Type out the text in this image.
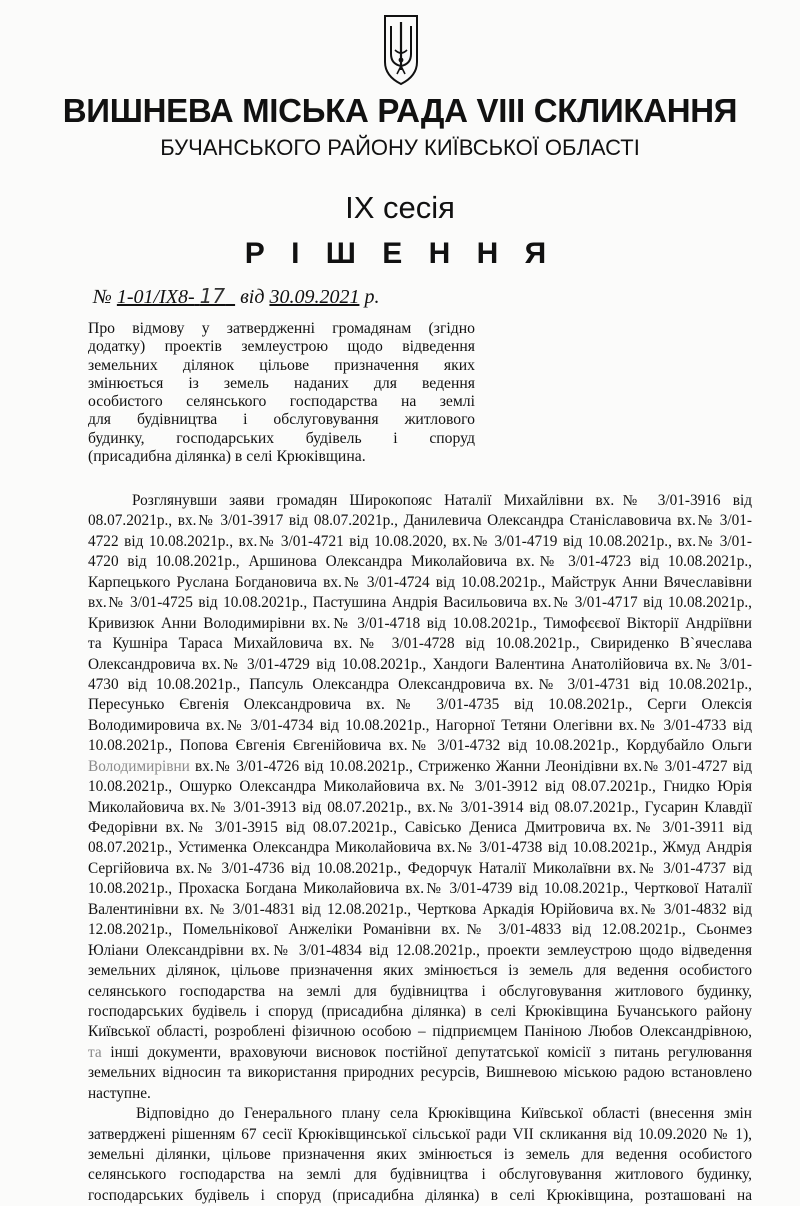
ВИШНЕВА МІСЬКА РАДА VIII СКЛИКАННЯ
БУЧАНСЬКОГО РАЙОНУ КИЇВСЬКОЇ ОБЛАСТІ
IX сесія
Р І Ш Е Н Н Я
№ 1-01/IX8- 17 від 30.09.2021 р.
Про відмову у затвердженні громадянам (згідно
додатку) проектів землеустрою щодо відведення
земельних ділянок цільове призначення яких
змінюється із земель наданих для ведення
особистого селянського господарства на землі
для будівництва і обслуговування житлового
будинку, господарських будівель і споруд
(присадибна ділянка) в селі Крюківщина.
Розглянувши заяви громадян Широкопояс Наталії Михайлівни вх.№ 3/01-3916 від
08.07.2021р., вх.№ 3/01-3917 від 08.07.2021р., Данилевича Олександра Станіславовича вх.№ 3/01-
4722 від 10.08.2021р., вх.№ 3/01-4721 від 10.08.2020, вх.№ 3/01-4719 від 10.08.2021р., вх.№ 3/01-
4720 від 10.08.2021р., Аршинова Олександра Миколайовича вх.№ 3/01-4723 від 10.08.2021р.,
Карпецького Руслана Богдановича вх.№ 3/01-4724 від 10.08.2021р., Майструк Анни Вячеславівни
вх.№ 3/01-4725 від 10.08.2021р., Пастушина Андрія Васильовича вх.№ 3/01-4717 від 10.08.2021р.,
Кривизюк Анни Володимирівни вх.№ 3/01-4718 від 10.08.2021р., Тимофєєвої Вікторії Андріївни
та Кушніра Тараса Михайловича вх.№ 3/01-4728 від 10.08.2021р., Свириденко В`ячеслава
Олександровича вх.№ 3/01-4729 від 10.08.2021р., Хандоги Валентина Анатолійовича вх.№ 3/01-
4730 від 10.08.2021р., Папсуль Олександра Олександровича вх.№ 3/01-4731 від 10.08.2021р.,
Пересунько Євгенія Олександровича вх.№ 3/01-4735 від 10.08.2021р., Серги Олексія
Володимировича вх.№ 3/01-4734 від 10.08.2021р., Нагорної Тетяни Олегівни вх.№ 3/01-4733 від
10.08.2021р., Попова Євгенія Євгенійовича вх.№ 3/01-4732 від 10.08.2021р., Кордубайло Ольги
Володимирівни вх.№ 3/01-4726 від 10.08.2021р., Стриженко Жанни Леонідівни вх.№ 3/01-4727 від
10.08.2021р., Ошурко Олександра Миколайовича вх.№ 3/01-3912 від 08.07.2021р., Гнидко Юрія
Миколайовича вх.№ 3/01-3913 від 08.07.2021р., вх.№ 3/01-3914 від 08.07.2021р., Гусарин Клавдії
Федорівни вх.№ 3/01-3915 від 08.07.2021р., Савісько Дениса Дмитровича вх.№ 3/01-3911 від
08.07.2021р., Устименка Олександра Миколайовича вх.№ 3/01-4738 від 10.08.2021р., Жмуд Андрія
Сергійовича вх.№ 3/01-4736 від 10.08.2021р., Федорчук Наталії Миколаївни вх.№ 3/01-4737 від
10.08.2021р., Прохаска Богдана Миколайовича вх.№ 3/01-4739 від 10.08.2021р., Черткової Наталії
Валентинівни вх. № 3/01-4831 від 12.08.2021р., Черткова Аркадія Юрійовича вх.№ 3/01-4832 від
12.08.2021р., Помельнікової Анжеліки Романівни вх.№ 3/01-4833 від 12.08.2021р., Сьонмез
Юліани Олександрівни вх.№ 3/01-4834 від 12.08.2021р., проекти землеустрою щодо відведення
земельних ділянок, цільове призначення яких змінюється із земель для ведення особистого
селянського господарства на землі для будівництва і обслуговування житлового будинку,
господарських будівель і споруд (присадибна ділянка) в селі Крюківщина Бучанського району
Київської області, розроблені фізичною особою – підприємцем Паніною Любов Олександрівною,
та інші документи, враховуючи висновок постійної депутатської комісії з питань регулювання
земельних відносин та використання природних ресурсів, Вишневою міською радою встановлено
наступне.
Відповідно до Генерального плану села Крюківщина Київської області (внесення змін
затверджені рішенням 67 сесії Крюківщинської сільської ради VII скликання від 10.09.2020 № 1),
земельні ділянки, цільове призначення яких змінюється із земель для ведення особистого
селянського господарства на землі для будівництва і обслуговування житлового будинку,
господарських будівель і споруд (присадибна ділянка) в селі Крюківщина, розташовані на
